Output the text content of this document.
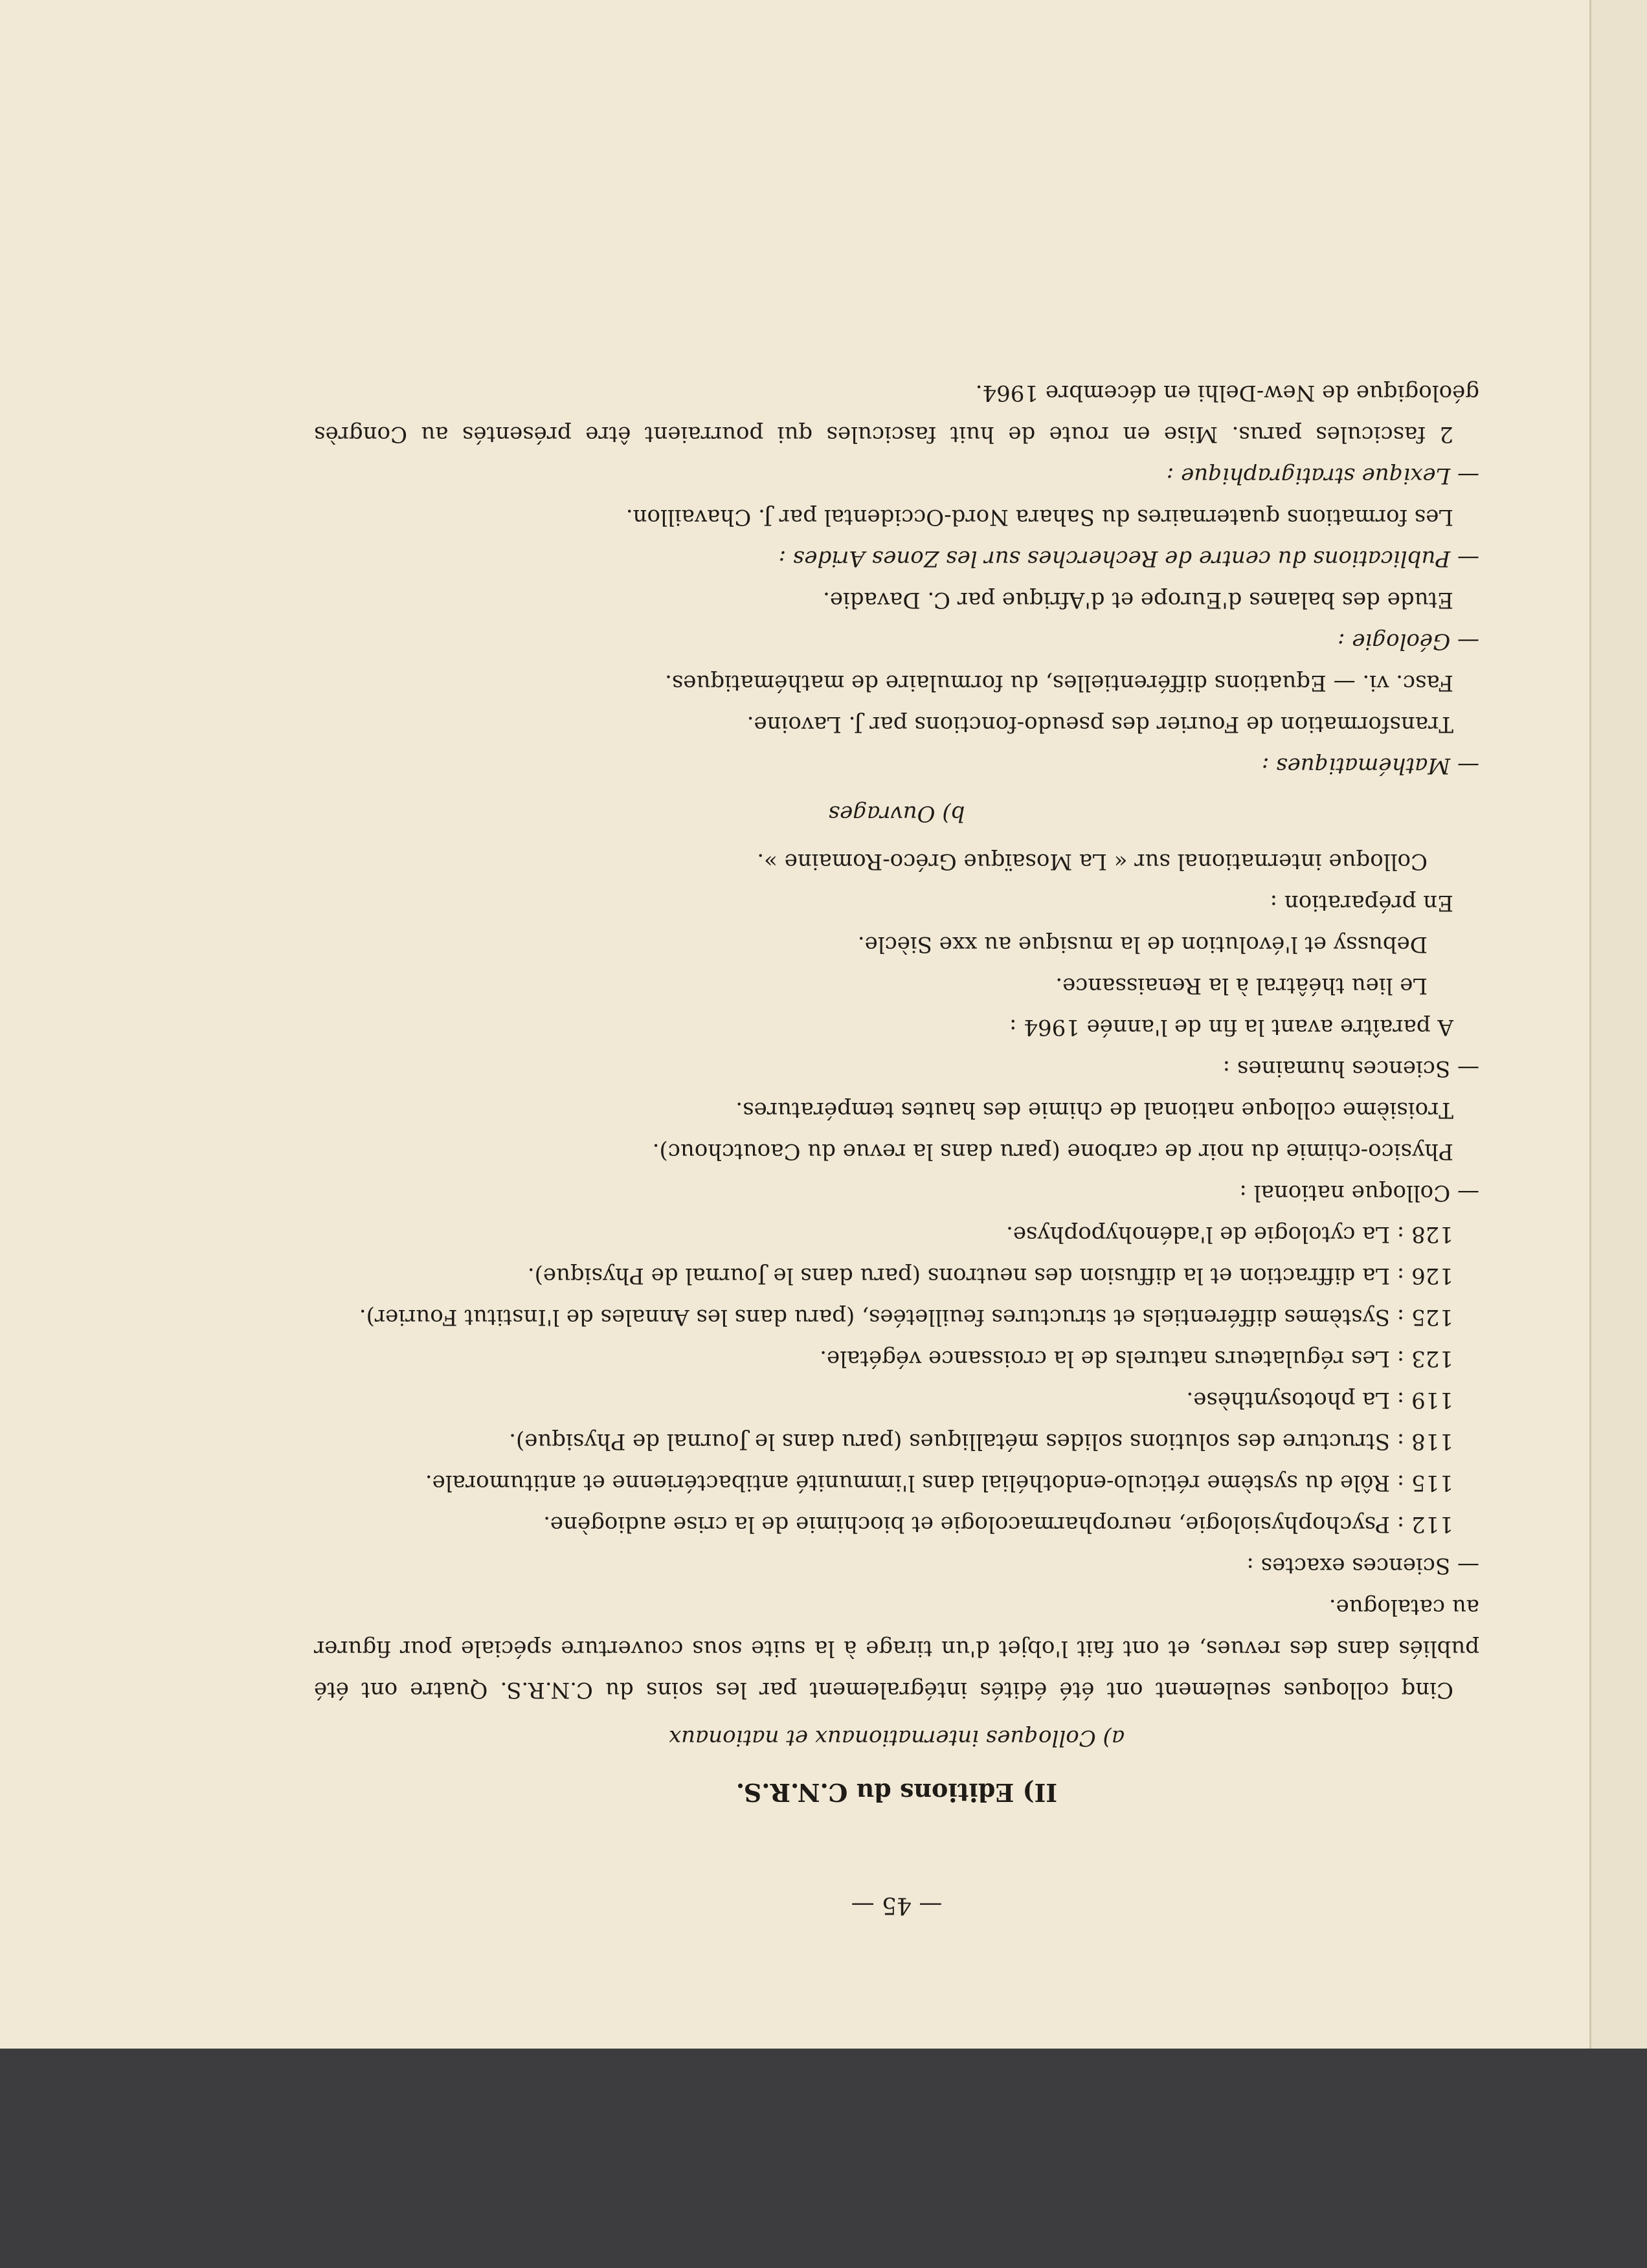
— 45 —

II) Editions du C.N.R.S.

a) Colloques internationaux et nationaux

Cinq colloques seulement ont été édités intégralement par les soins du C.N.R.S. Quatre ont été publiés dans des revues, et ont fait l'objet d'un tirage à la suite sous couverture spéciale pour figurer au catalogue.

— Sciences exactes :

112 : Psychophysiologie, neuropharmacologie et biochimie de la crise audiogène.

115 : Rôle du système réticulo-endothélial dans l'immunité antibactérienne et antitumorale.

118 : Structure des solutions solides métalliques (paru dans le Journal de Physique).

119 : La photosynthèse.

123 : Les régulateurs naturels de la croissance végétale.

125 : Systèmes différentiels et structures feuilletées, (paru dans les Annales de l'Institut Fourier).

126 : La diffraction et la diffusion des neutrons (paru dans le Journal de Physique).

128 : La cytologie de l'adénohypophyse.

— Colloque national :

Physico-chimie du noir de carbone (paru dans la revue du Caoutchouc).

Troisième colloque national de chimie des hautes températures.

— Sciences humaines :

A paraître avant la fin de l'année 1964 :

Le lieu théâtral à la Renaissance.

Debussy et l'évolution de la musique au xxe Siècle.

En préparation :

Colloque international sur « La Mosaïque Gréco-Romaine ».

b) Ouvrages

— Mathématiques :

Transformation de Fourier des pseudo-fonctions par J. Lavoine.

Fasc. vi. — Equations différentielles, du formulaire de mathématiques.

— Géologie :

Etude des balanes d'Europe et d'Afrique par C. Davadie.

— Publications du centre de Recherches sur les Zones Arides :

Les formations quaternaires du Sahara Nord-Occidental par J. Chavaillon.

— Lexique stratigraphique :

2 fascicules parus. Mise en route de huit fascicules qui pourraient être présentés au Congrès géologique de New-Delhi en décembre 1964.
